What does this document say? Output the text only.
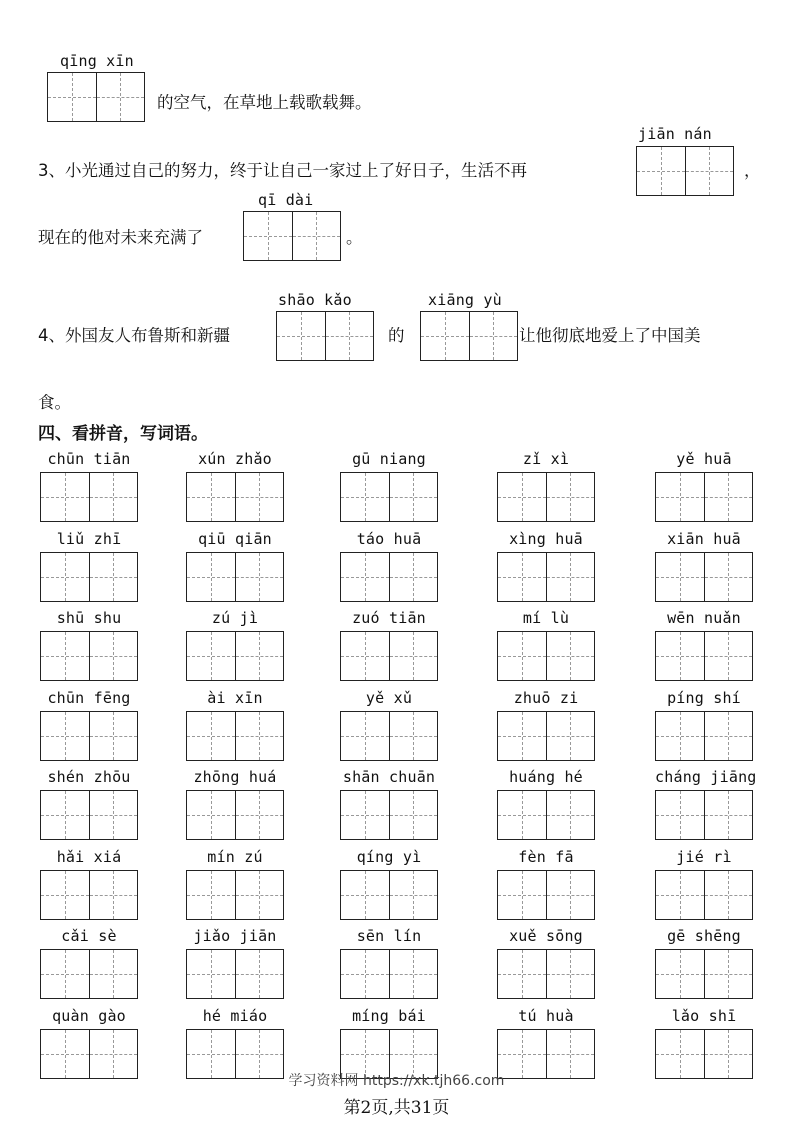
qīng xīn
的空气，在草地上载歌载舞。
3、小光通过自己的努力，终于让自己一家过上了好日子，生活不再
jiān nán
，
现在的他对未来充满了
qī dài
。
shāo kǎo	xiāng yù
4、外国友人布鲁斯和新疆	的	让他彻底地爱上了中国美
食。
四、看拼音，写词语。
chūn tiān	xún zhǎo	gū niang	zǐ xì	yě huā
liǔ zhī	qiū qiān	táo huā	xìng huā	xiān huā
shū shu	zú jì	zuó tiān	mí lù	wēn nuǎn
chūn fēng	ài xīn	yě xǔ	zhuō zi	píng shí
shén zhōu	zhōng huá	shān chuān	huáng hé	cháng jiāng
hǎi xiá	mín zú	qíng yì	fèn fā	jié rì
cǎi sè	jiǎo jiān	sēn lín	xuě sōng	gē shēng
quàn gào	hé miáo	míng bái	tú huà	lǎo shī
学习资料网 https://xk.tjh66.com
第2页,共31页
